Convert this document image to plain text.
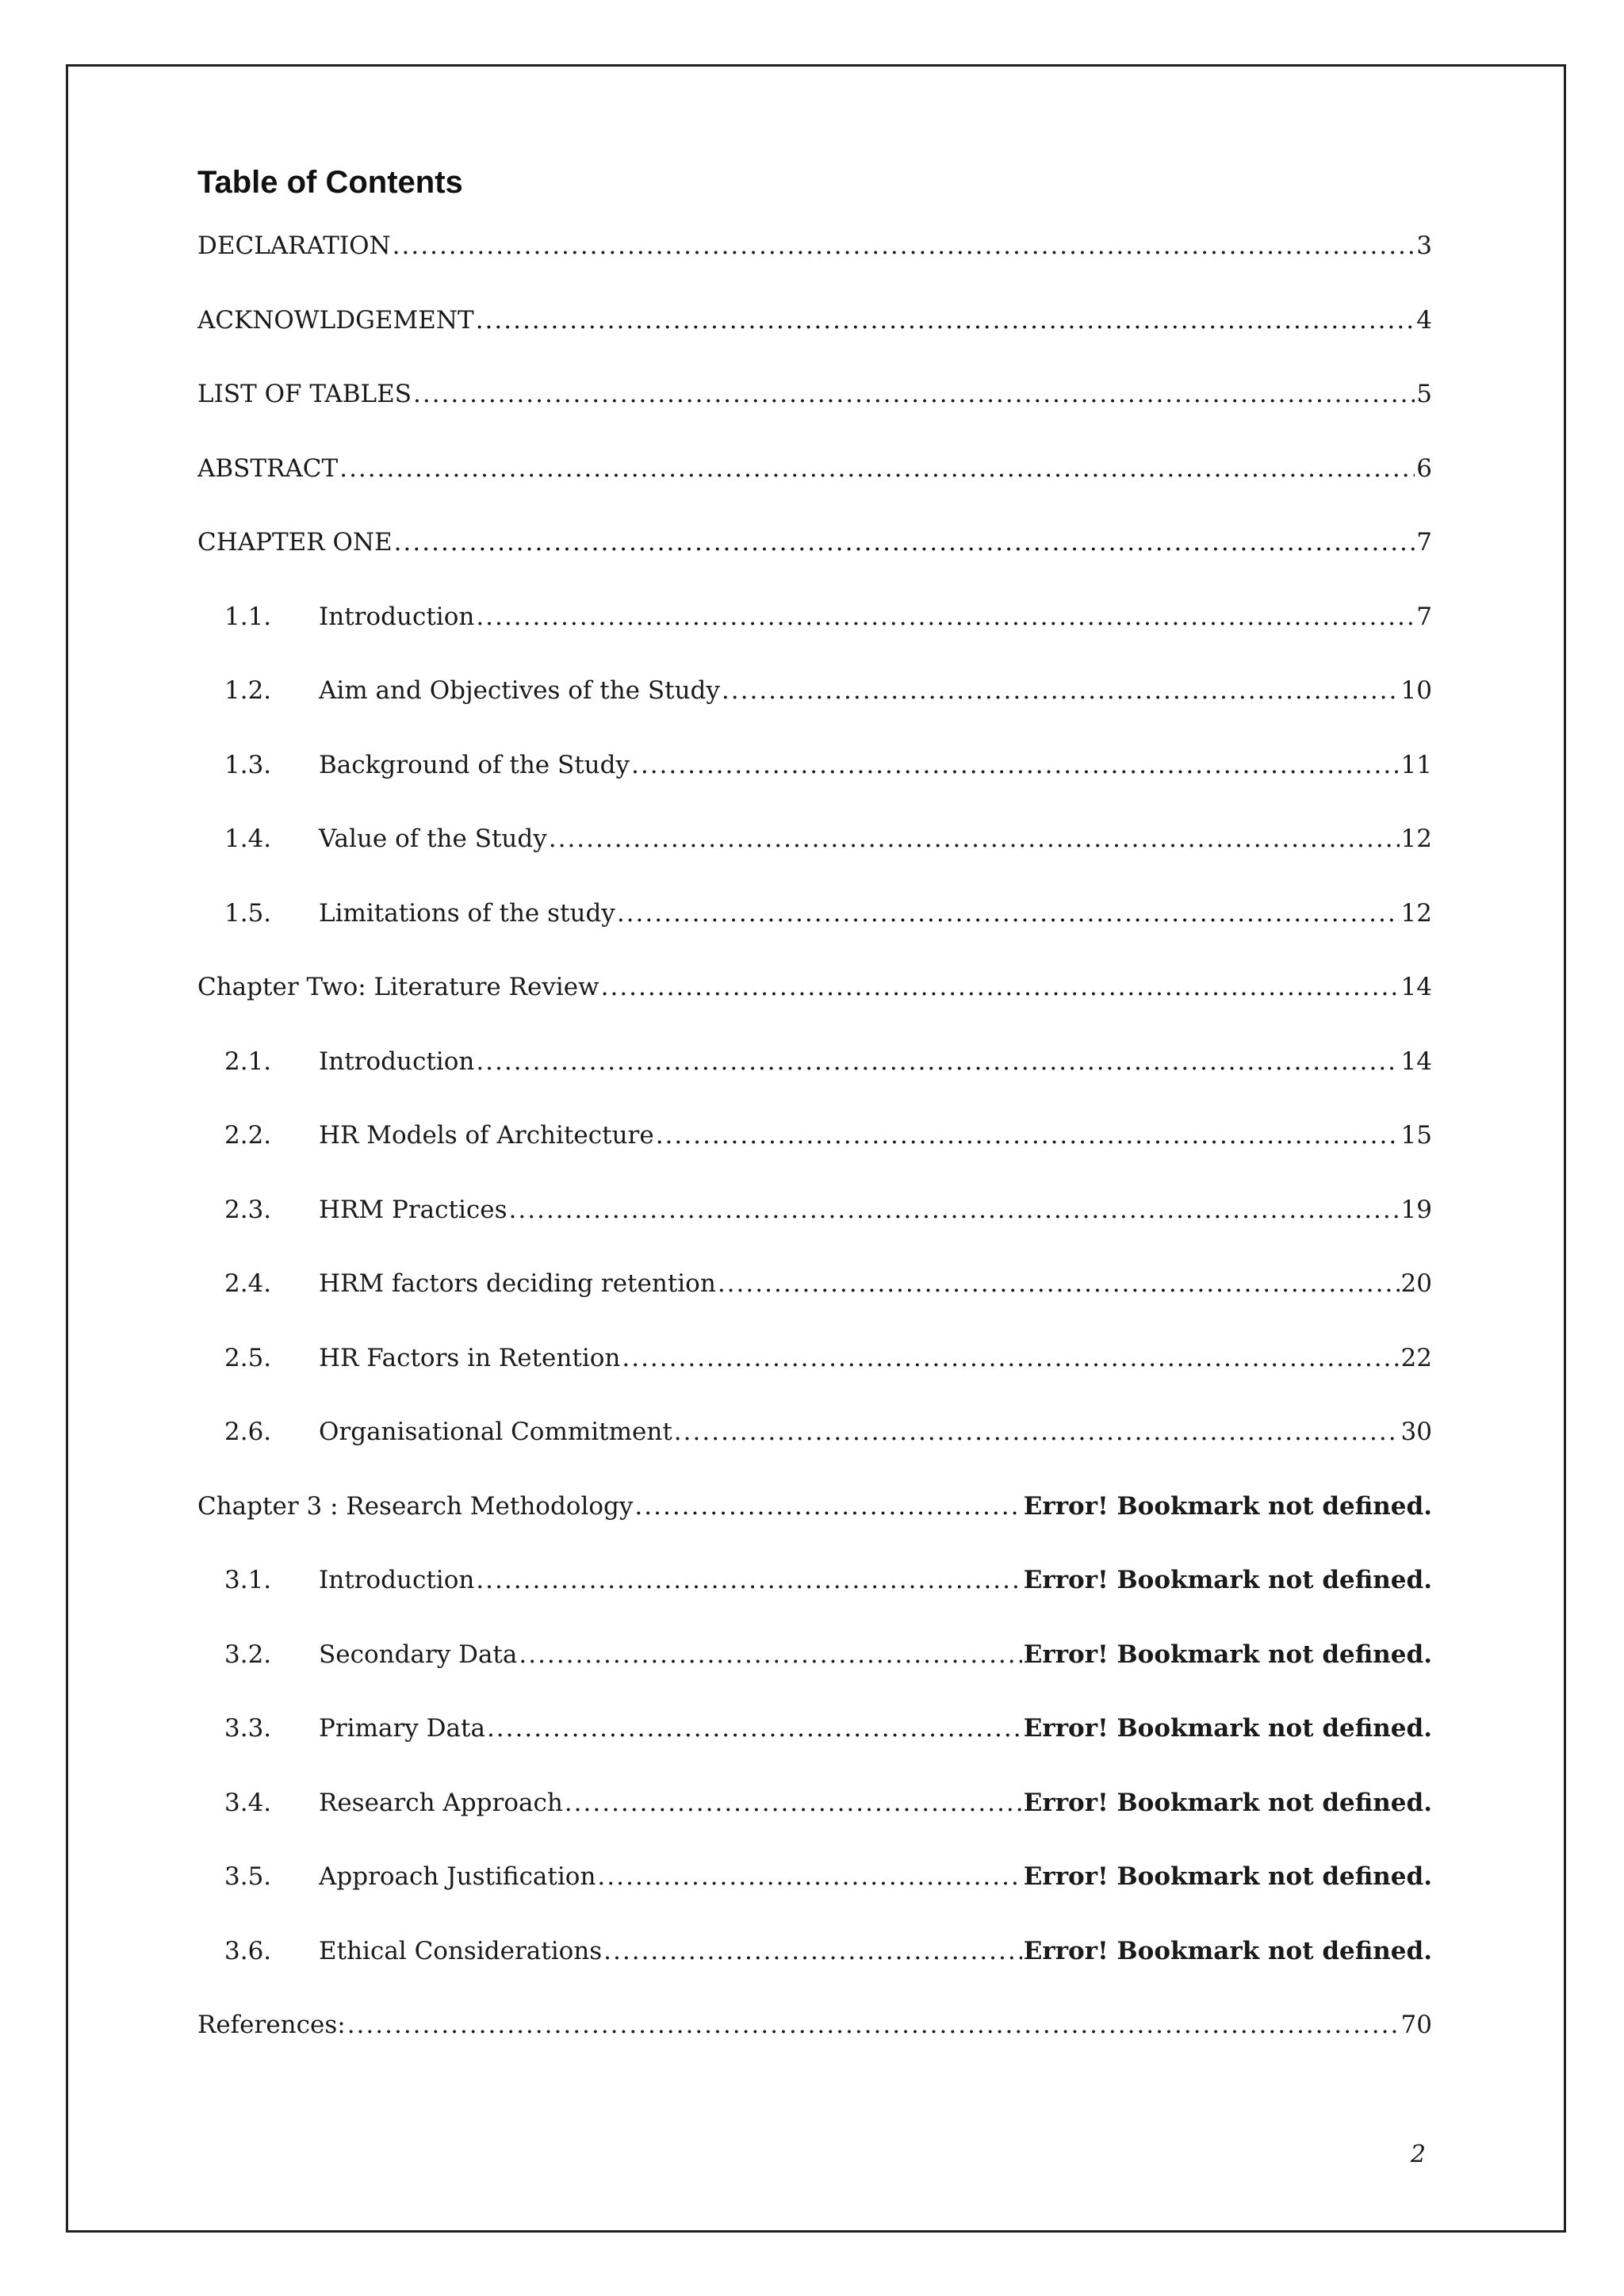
Table of Contents
DECLARATION .....	3
ACKNOWLDGEMENT .....	4
LIST OF TABLES .....	5
ABSTRACT .....	6
CHAPTER ONE .....	7
1.1.	Introduction .....	7
1.2.	Aim and Objectives of the Study .....	10
1.3.	Background of the Study .....	11
1.4.	Value of the Study .....	12
1.5.	Limitations of the study .....	12
Chapter Two: Literature Review .....	14
2.1.	Introduction .....	14
2.2.	HR Models of Architecture .....	15
2.3.	HRM Practices .....	19
2.4.	HRM factors deciding retention .....	20
2.5.	HR Factors in Retention .....	22
2.6.	Organisational Commitment .....	30
Chapter 3 : Research Methodology .....	Error! Bookmark not defined.
3.1.	Introduction .....	Error! Bookmark not defined.
3.2.	Secondary Data .....	Error! Bookmark not defined.
3.3.	Primary Data .....	Error! Bookmark not defined.
3.4.	Research Approach .....	Error! Bookmark not defined.
3.5.	Approach Justification .....	Error! Bookmark not defined.
3.6.	Ethical Considerations .....	Error! Bookmark not defined.
References: .....	70
2
